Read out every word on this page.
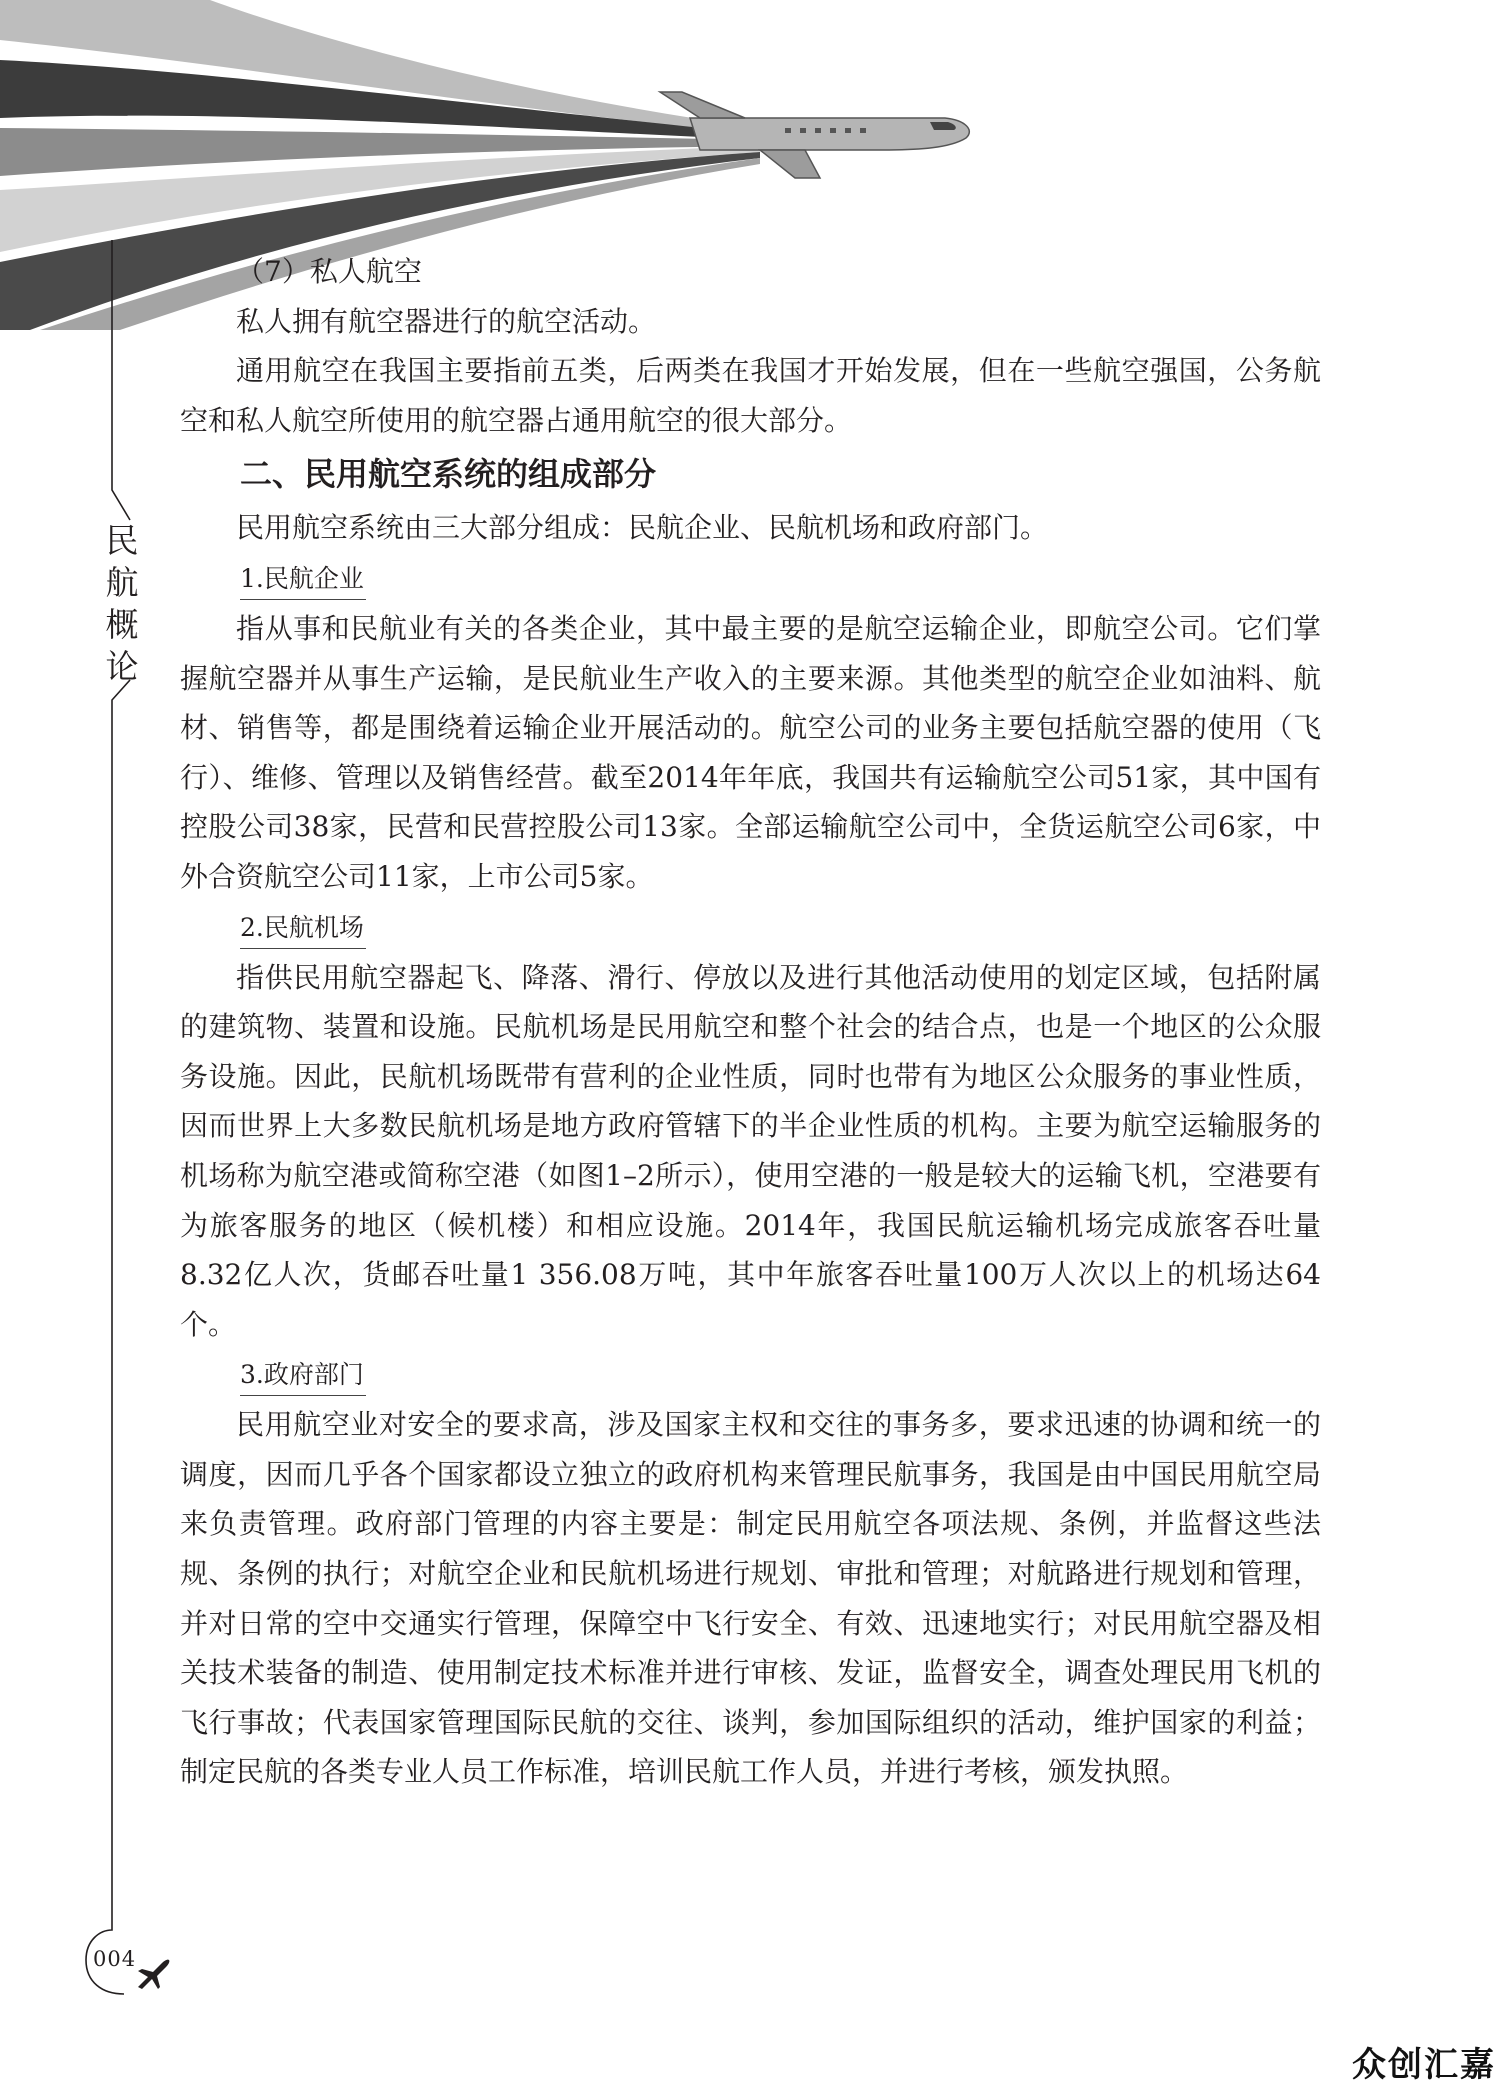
民
航
概
论
004

（7）私人航空

私人拥有航空器进行的航空活动。

通用航空在我国主要指前五类，后两类在我国才开始发展，但在一些航空强国，公务航空和私人航空所使用的航空器占通用航空的很大部分。

二、民用航空系统的组成部分

民用航空系统由三大部分组成：民航企业、民航机场和政府部门。

1.民航企业

指从事和民航业有关的各类企业，其中最主要的是航空运输企业，即航空公司。它们掌握航空器并从事生产运输，是民航业生产收入的主要来源。其他类型的航空企业如油料、航材、销售等，都是围绕着运输企业开展活动的。航空公司的业务主要包括航空器的使用（飞行）、维修、管理以及销售经营。截至2014年年底，我国共有运输航空公司51家，其中国有控股公司38家，民营和民营控股公司13家。全部运输航空公司中，全货运航空公司6家，中外合资航空公司11家，上市公司5家。

2.民航机场

指供民用航空器起飞、降落、滑行、停放以及进行其他活动使用的划定区域，包括附属的建筑物、装置和设施。民航机场是民用航空和整个社会的结合点，也是一个地区的公众服务设施。因此，民航机场既带有营利的企业性质，同时也带有为地区公众服务的事业性质，因而世界上大多数民航机场是地方政府管辖下的半企业性质的机构。主要为航空运输服务的机场称为航空港或简称空港（如图1–2所示），使用空港的一般是较大的运输飞机，空港要有为旅客服务的地区（候机楼）和相应设施。2014年，我国民航运输机场完成旅客吞吐量8.32亿人次，货邮吞吐量1 356.08万吨，其中年旅客吞吐量100万人次以上的机场达64个。

3.政府部门

民用航空业对安全的要求高，涉及国家主权和交往的事务多，要求迅速的协调和统一的调度，因而几乎各个国家都设立独立的政府机构来管理民航事务，我国是由中国民用航空局来负责管理。政府部门管理的内容主要是：制定民用航空各项法规、条例，并监督这些法规、条例的执行；对航空企业和民航机场进行规划、审批和管理；对航路进行规划和管理，并对日常的空中交通实行管理，保障空中飞行安全、有效、迅速地实行；对民用航空器及相关技术装备的制造、使用制定技术标准并进行审核、发证，监督安全，调查处理民用飞机的飞行事故；代表国家管理国际民航的交往、谈判，参加国际组织的活动，维护国家的利益；制定民航的各类专业人员工作标准，培训民航工作人员，并进行考核，颁发执照。

众创汇嘉
